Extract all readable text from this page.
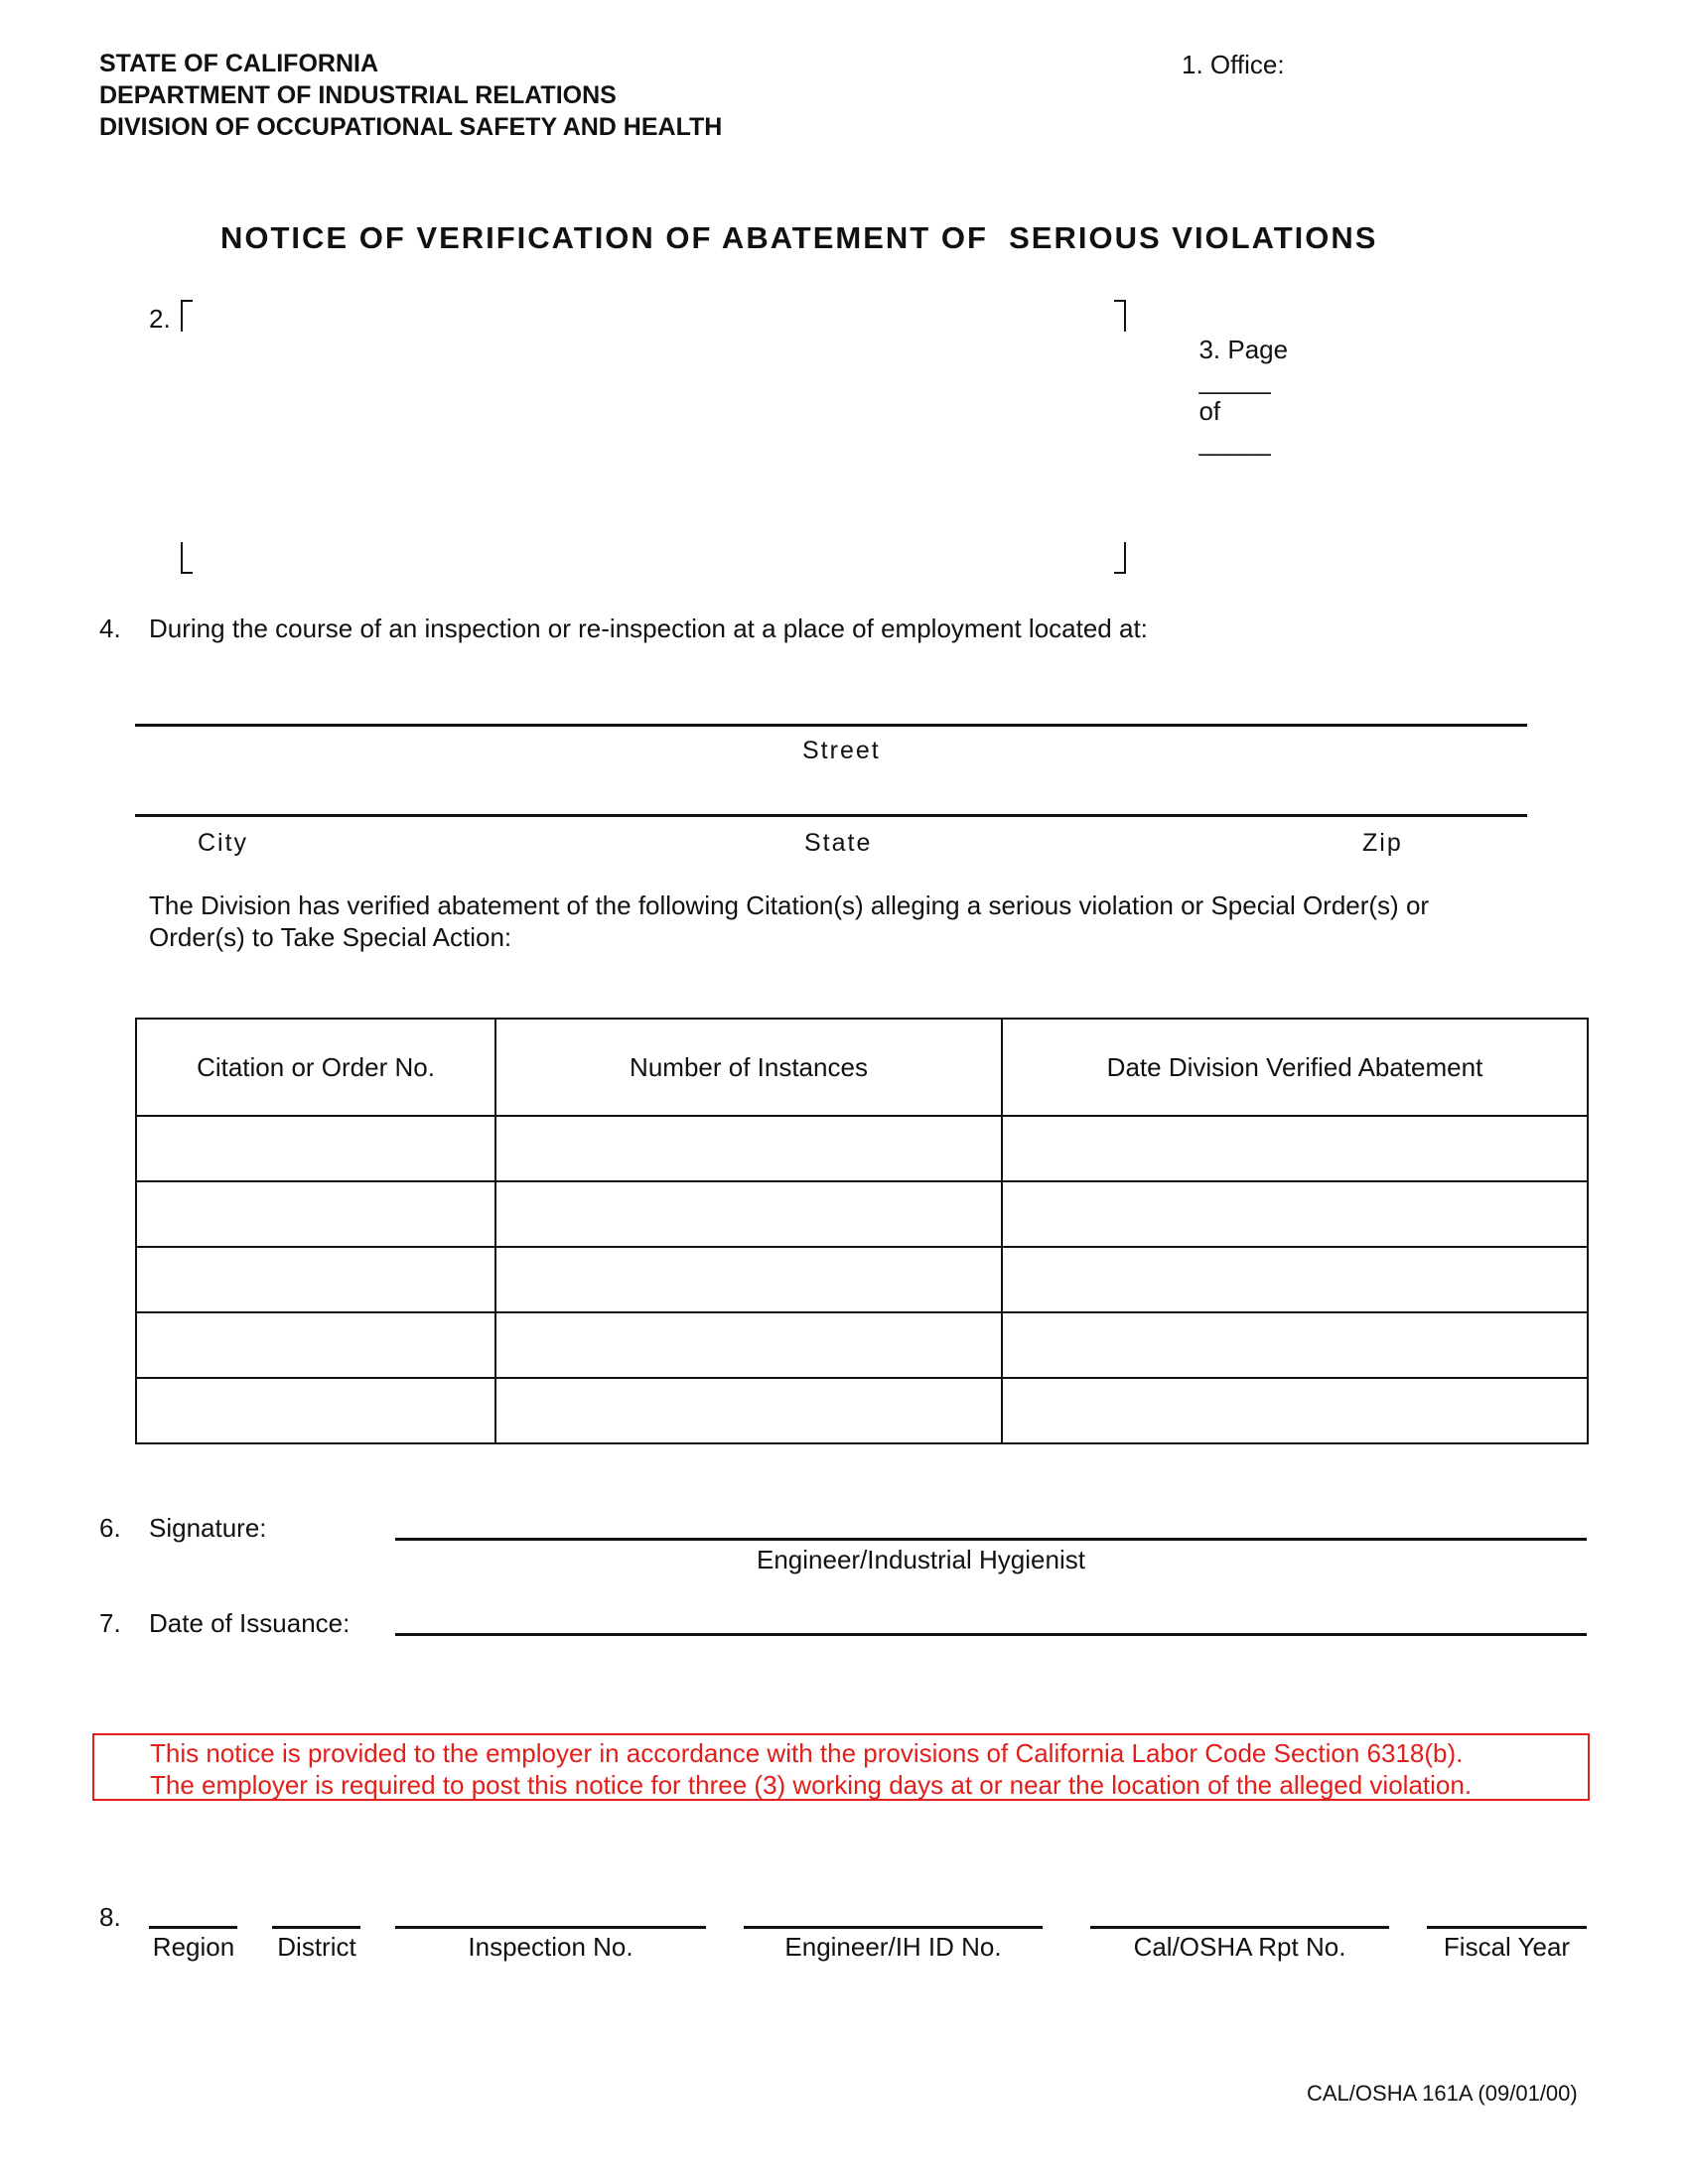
STATE OF CALIFORNIA
DEPARTMENT OF INDUSTRIAL RELATIONS
DIVISION OF OCCUPATIONAL SAFETY AND HEALTH
1. Office:
NOTICE OF VERIFICATION OF ABATEMENT OF  SERIOUS VIOLATIONS
2.

3. Page
_____
of
_____

4. During the course of an inspection or re-inspection at a place of employment located at:
Street
City	State	Zip
The Division has verified abatement of the following Citation(s) alleging a serious violation or Special Order(s) or Order(s) to Take Special Action:
Citation or Order No.	Number of Instances	Date Division Verified Abatement

6. Signature:
Engineer/Industrial Hygienist
7. Date of Issuance:
This notice is provided to the employer in accordance with the provisions of California Labor Code Section 6318(b).
The employer is required to post this notice for three (3) working days at or near the location of the alleged violation.
8.
Region	District	Inspection No.	Engineer/IH ID No.	Cal/OSHA Rpt No.	Fiscal Year
CAL/OSHA 161A (09/01/00)
